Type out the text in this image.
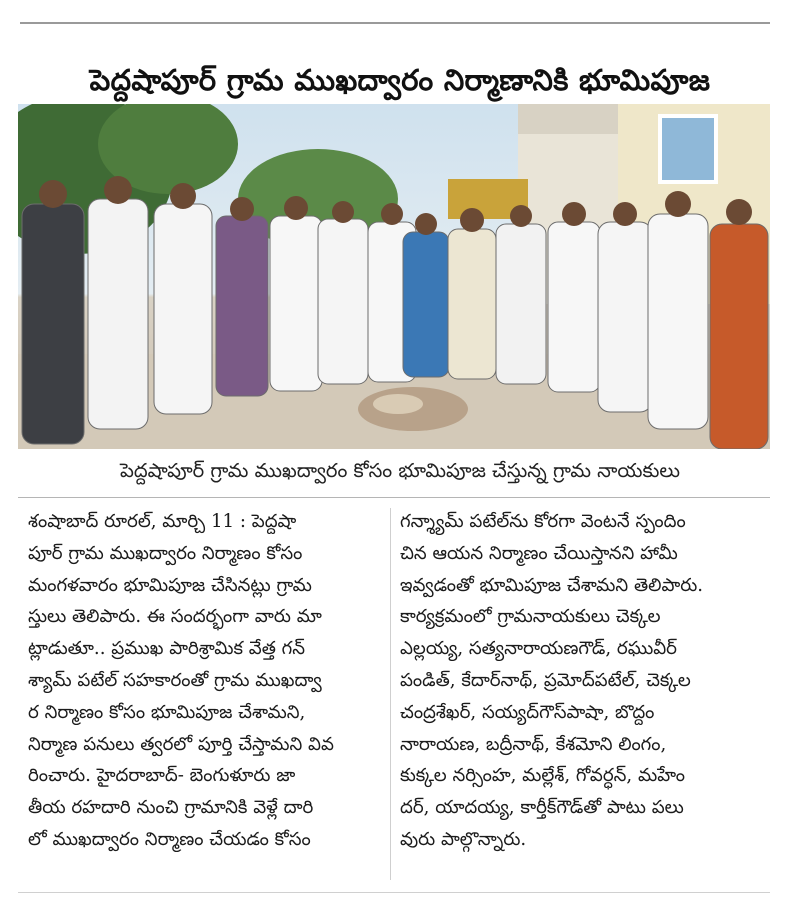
పెద్దషాపూర్ గ్రామ ముఖద్వారం నిర్మాణానికి భూమిపూజ
పెద్దషాపూర్ గ్రామ ముఖద్వారం కోసం భూమిపూజ చేస్తున్న గ్రామ నాయకులు
శంషాబాద్ రూరల్, మార్చి 11 : పెద్దషా
పూర్ గ్రామ ముఖద్వారం నిర్మాణం కోసం
మంగళవారం భూమిపూజ చేసినట్లు గ్రామ
స్తులు తెలిపారు. ఈ సందర్భంగా వారు మా
ట్లాడుతూ.. ప్రముఖ పారిశ్రామిక వేత్త గన్
శ్యామ్ పటేల్ సహకారంతో గ్రామ ముఖద్వా
ర నిర్మాణం కోసం భూమిపూజ చేశామని,
నిర్మాణ పనులు త్వరలో పూర్తి చేస్తామని వివ
రించారు. హైదరాబాద్- బెంగుళూరు జా
తీయ రహదారి నుంచి గ్రామానికి వెళ్లే దారి
లో ముఖద్వారం నిర్మాణం చేయడం కోసం
గన్శ్యామ్ పటేల్‌ను కోరగా వెంటనే స్పందిం
చిన ఆయన నిర్మాణం చేయిస్తానని హామీ
ఇవ్వడంతో భూమిపూజ చేశామని తెలిపారు.
కార్యక్రమంలో గ్రామనాయకులు చెక్కల
ఎల్లయ్య, సత్యనారాయణగౌడ్, రఘువీర్
పండిత్, కేదార్‌నాథ్, ప్రమోద్‌పటేల్, చెక్కల
చంద్రశేఖర్, సయ్యద్‌గౌస్‌పాషా, బొద్దం
నారాయణ, బద్రీనాథ్, కేశమోని లింగం,
కుక్కల నర్సింహ, మల్లేశ్, గోవర్ధన్, మహేం
దర్, యాదయ్య, కార్తీక్‌గౌడ్‌తో పాటు పలు
వురు పాల్గొన్నారు.
